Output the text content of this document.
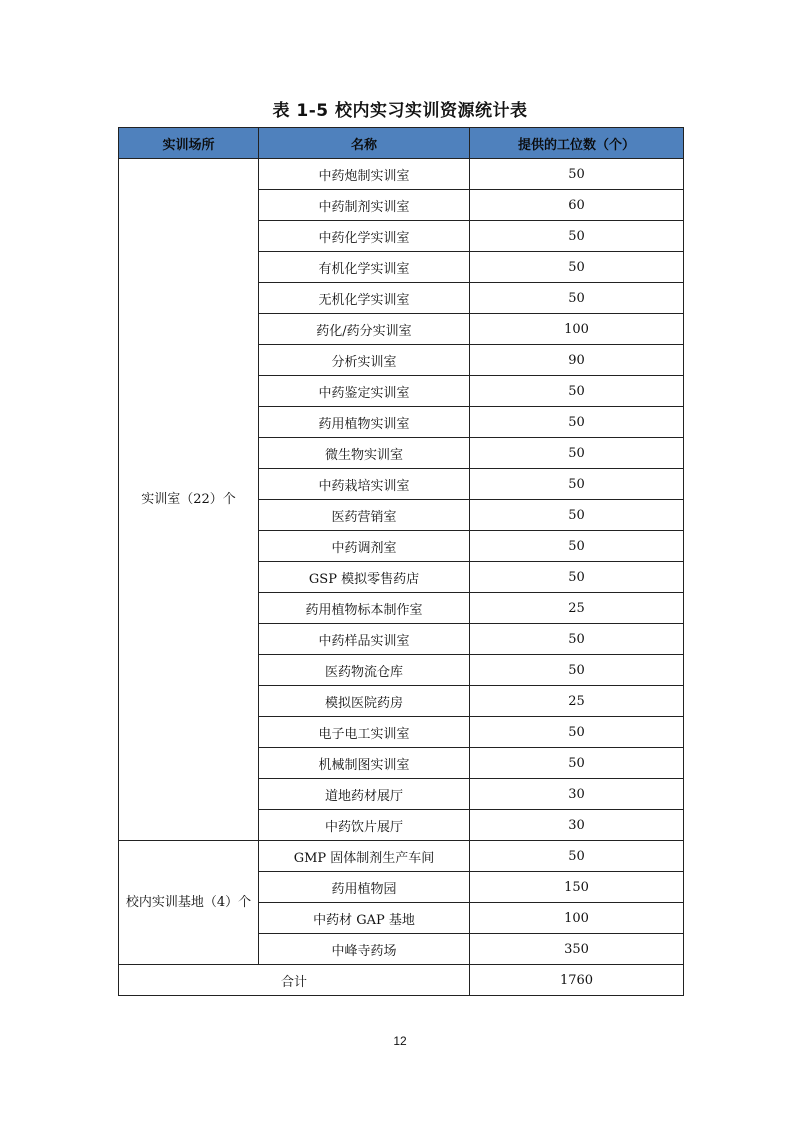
表 1-5 校内实习实训资源统计表
实训场所	名称	提供的工位数（个）
实训室（22）个	中药炮制实训室	50
	中药制剂实训室	60
	中药化学实训室	50
	有机化学实训室	50
	无机化学实训室	50
	药化/药分实训室	100
	分析实训室	90
	中药鉴定实训室	50
	药用植物实训室	50
	微生物实训室	50
	中药栽培实训室	50
	医药营销室	50
	中药调剂室	50
	GSP 模拟零售药店	50
	药用植物标本制作室	25
	中药样品实训室	50
	医药物流仓库	50
	模拟医院药房	25
	电子电工实训室	50
	机械制图实训室	50
	道地药材展厅	30
	中药饮片展厅	30
校内实训基地（4）个	GMP 固体制剂生产车间	50
	药用植物园	150
	中药材 GAP 基地	100
	中峰寺药场	350
合计		1760
12
